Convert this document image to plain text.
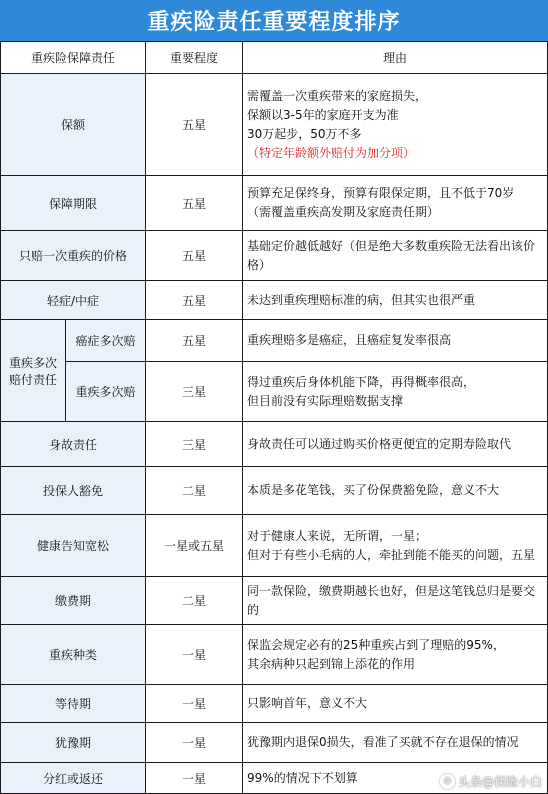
重疾险责任重要程度排序
重疾险保障责任		重要程度	理由
保额		五星	需覆盖一次重疾带来的家庭损失，
保额以3-5年的家庭开支为准
30万起步，50万不多
（特定年龄额外赔付为加分项）

保障期限		五星	预算充足保终身，预算有限保定期，且不低于70岁
（需覆盖重疾高发期及家庭责任期）

只赔一次重疾的价格		五星	基础定价越低越好（但是绝大多数重疾险无法看出该价格）
轻症/中症		五星	未达到重疾理赔标准的病，但其实也很严重

重疾多次
赔付责任	癌症多次赔	五星	重疾理赔多是癌症，且癌症复发率很高
	重疾多次赔	三星	得过重疾后身体机能下降，再得概率很高，
但目前没有实际理赔数据支撑

身故责任		三星	身故责任可以通过购买价格更便宜的定期寿险取代
投保人豁免		二星	本质是多花笔钱，买了份保费豁免险，意义不大
健康告知宽松		一星或五星	对于健康人来说，无所谓，一星；
但对于有些小毛病的人，牵扯到能不能买的问题，五星

缴费期		二星	同一款保险，缴费期越长也好，但是这笔钱总归是要交的
重疾种类		一星	保监会规定必有的25种重疾占到了理赔的95%，
其余病种只起到锦上添花的作用

等待期		一星	只影响首年，意义不大
犹豫期		一星	犹豫期内退保0损失，看准了买就不存在退保的情况
分红或返还		一星	99%的情况下不划算	◎ 头条@保险小白
